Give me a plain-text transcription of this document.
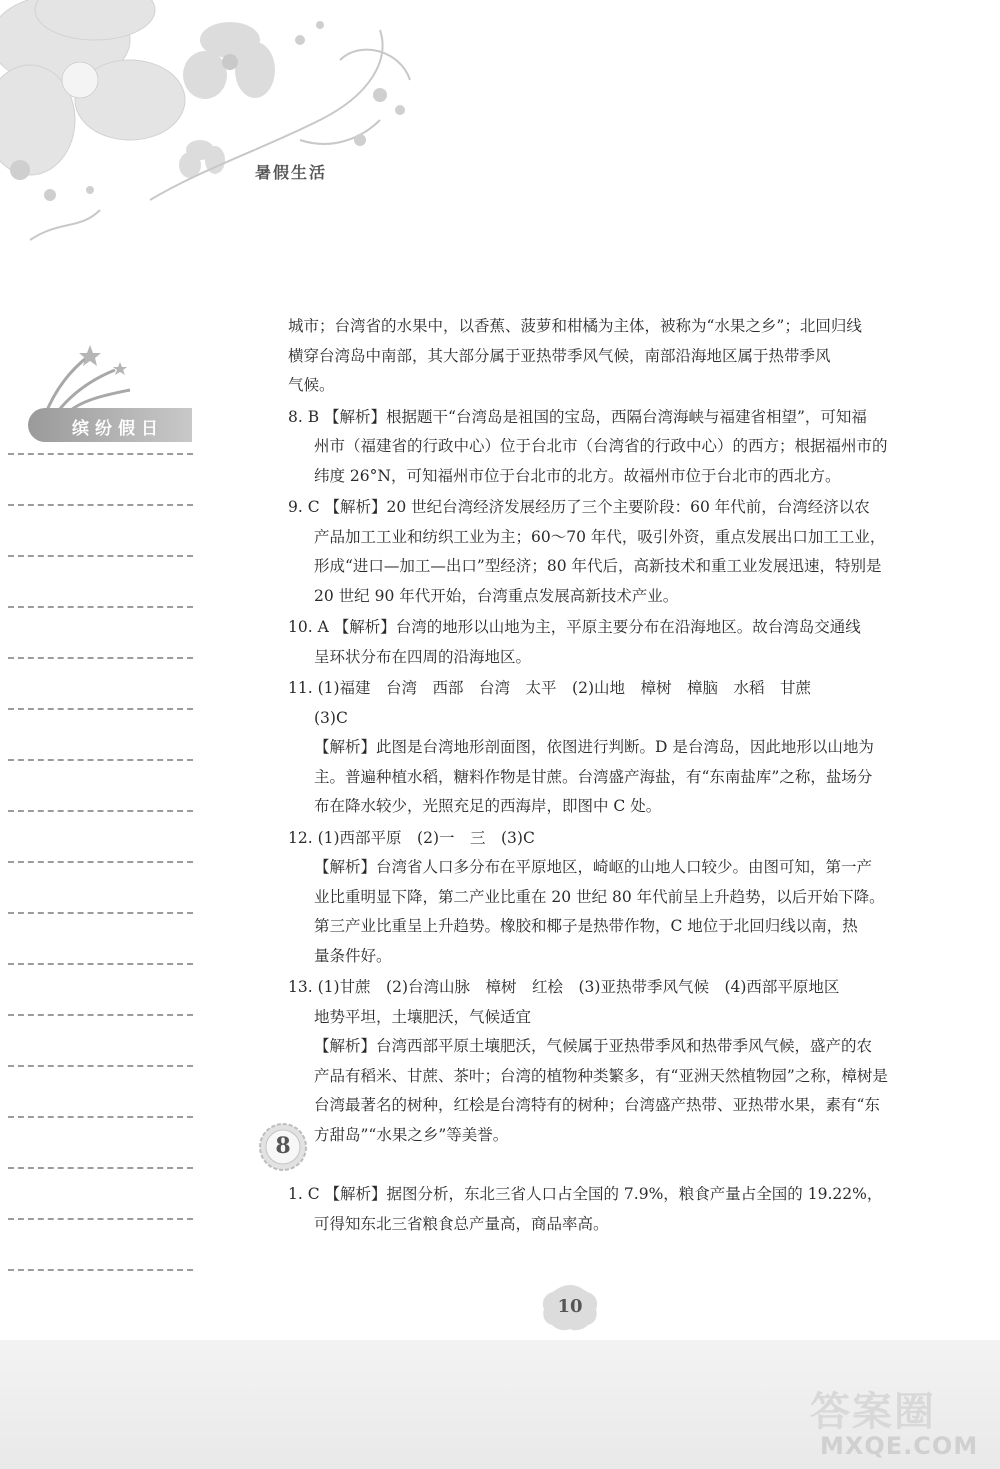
暑假生活
缤纷假日
城市；台湾省的水果中，以香蕉、菠萝和柑橘为主体，被称为“水果之乡”；北回归线
横穿台湾岛中南部，其大部分属于亚热带季风气候，南部沿海地区属于热带季风
气候。
8. B 【解析】根据题干“台湾岛是祖国的宝岛，西隔台湾海峡与福建省相望”，可知福
州市（福建省的行政中心）位于台北市（台湾省的行政中心）的西方；根据福州市的
纬度 26°N，可知福州市位于台北市的北方。故福州市位于台北市的西北方。
9. C 【解析】20 世纪台湾经济发展经历了三个主要阶段：60 年代前，台湾经济以农
产品加工工业和纺织工业为主；60～70 年代，吸引外资，重点发展出口加工工业，
形成“进口—加工—出口”型经济；80 年代后，高新技术和重工业发展迅速，特别是
20 世纪 90 年代开始，台湾重点发展高新技术产业。
10. A 【解析】台湾的地形以山地为主，平原主要分布在沿海地区。故台湾岛交通线
呈环状分布在四周的沿海地区。
11. (1)福建　台湾　西部　台湾　太平　(2)山地　樟树　樟脑　水稻　甘蔗
(3)C
【解析】此图是台湾地形剖面图，依图进行判断。D 是台湾岛，因此地形以山地为
主。普遍种植水稻，糖料作物是甘蔗。台湾盛产海盐，有“东南盐库”之称，盐场分
布在降水较少，光照充足的西海岸，即图中 C 处。
12. (1)西部平原　(2)一　三　(3)C
【解析】台湾省人口多分布在平原地区，崎岖的山地人口较少。由图可知，第一产
业比重明显下降，第二产业比重在 20 世纪 80 年代前呈上升趋势，以后开始下降。
第三产业比重呈上升趋势。橡胶和椰子是热带作物，C 地位于北回归线以南，热
量条件好。
13. (1)甘蔗　(2)台湾山脉　樟树　红桧　(3)亚热带季风气候　(4)西部平原地区
地势平坦，土壤肥沃，气候适宜
【解析】台湾西部平原土壤肥沃，气候属于亚热带季风和热带季风气候，盛产的农
产品有稻米、甘蔗、茶叶；台湾的植物种类繁多，有“亚洲天然植物园”之称，樟树是
台湾最著名的树种，红桧是台湾特有的树种；台湾盛产热带、亚热带水果，素有“东
方甜岛”“水果之乡”等美誉。
8
1. C 【解析】据图分析，东北三省人口占全国的 7.9%，粮食产量占全国的 19.22%，
可得知东北三省粮食总产量高，商品率高。
10
答案圈
MXQE.COM
